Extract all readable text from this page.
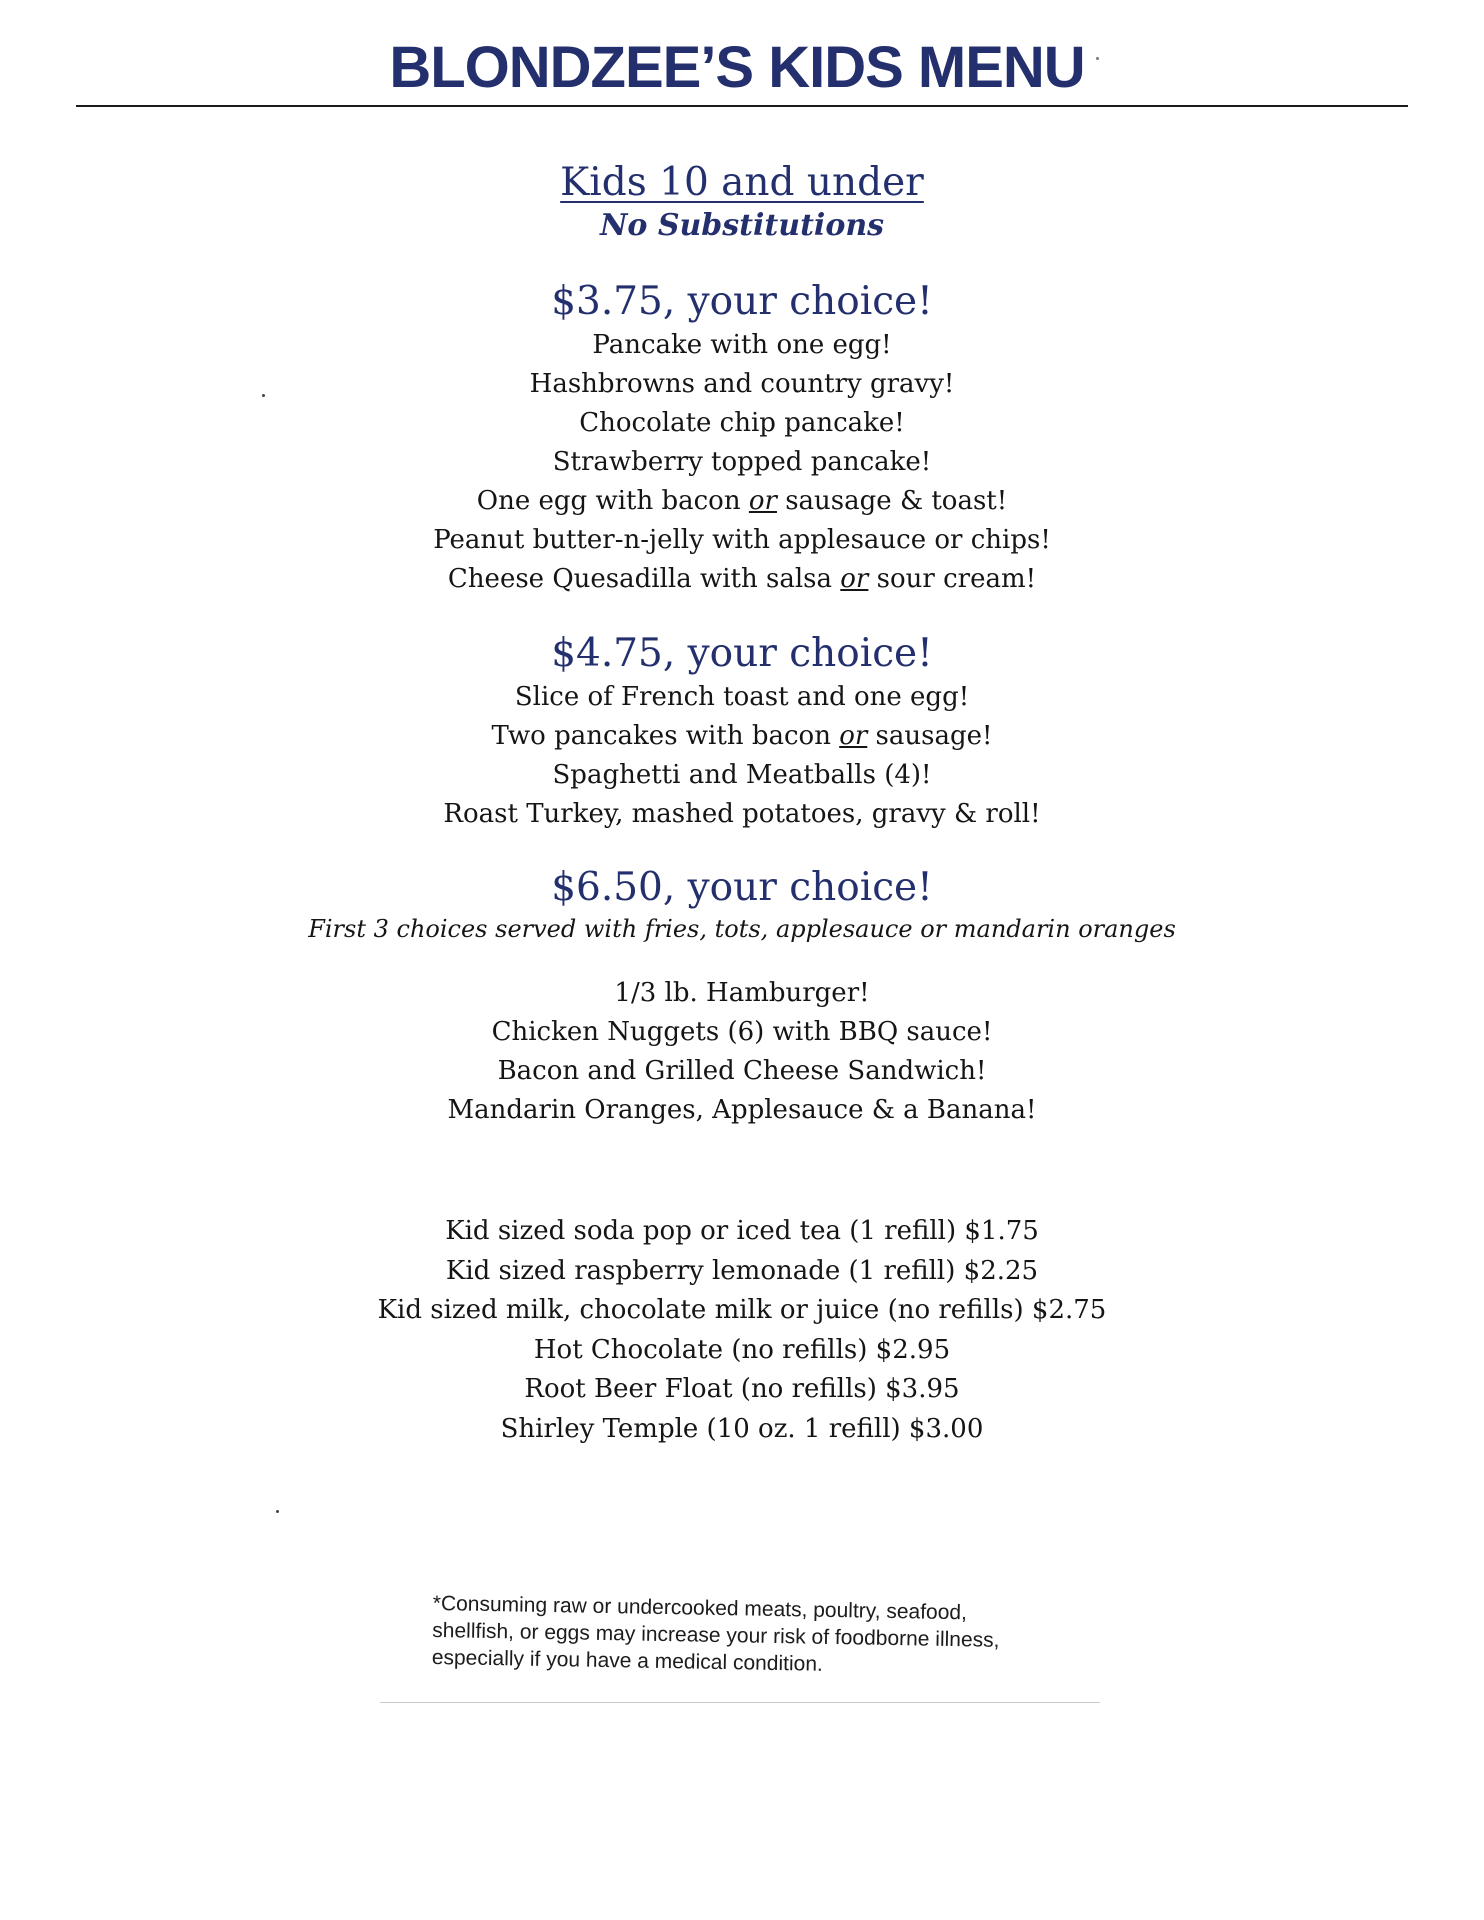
BLONDZEE’S KIDS MENU
Kids 10 and under
No Substitutions
$3.75, your choice!
Pancake with one egg!
Hashbrowns and country gravy!
Chocolate chip pancake!
Strawberry topped pancake!
One egg with bacon or sausage & toast!
Peanut butter-n-jelly with applesauce or chips!
Cheese Quesadilla with salsa or sour cream!
$4.75, your choice!
Slice of French toast and one egg!
Two pancakes with bacon or sausage!
Spaghetti and Meatballs (4)!
Roast Turkey, mashed potatoes, gravy & roll!
$6.50, your choice!
First 3 choices served with fries, tots, applesauce or mandarin oranges
1/3 lb. Hamburger!
Chicken Nuggets (6) with BBQ sauce!
Bacon and Grilled Cheese Sandwich!
Mandarin Oranges, Applesauce & a Banana!
Kid sized soda pop or iced tea (1 refill) $1.75
Kid sized raspberry lemonade (1 refill) $2.25
Kid sized milk, chocolate milk or juice (no refills) $2.75
Hot Chocolate (no refills) $2.95
Root Beer Float (no refills) $3.95
Shirley Temple (10 oz. 1 refill) $3.00
*Consuming raw or undercooked meats, poultry, seafood,
shellfish, or eggs may increase your risk of foodborne illness,
especially if you have a medical condition.
